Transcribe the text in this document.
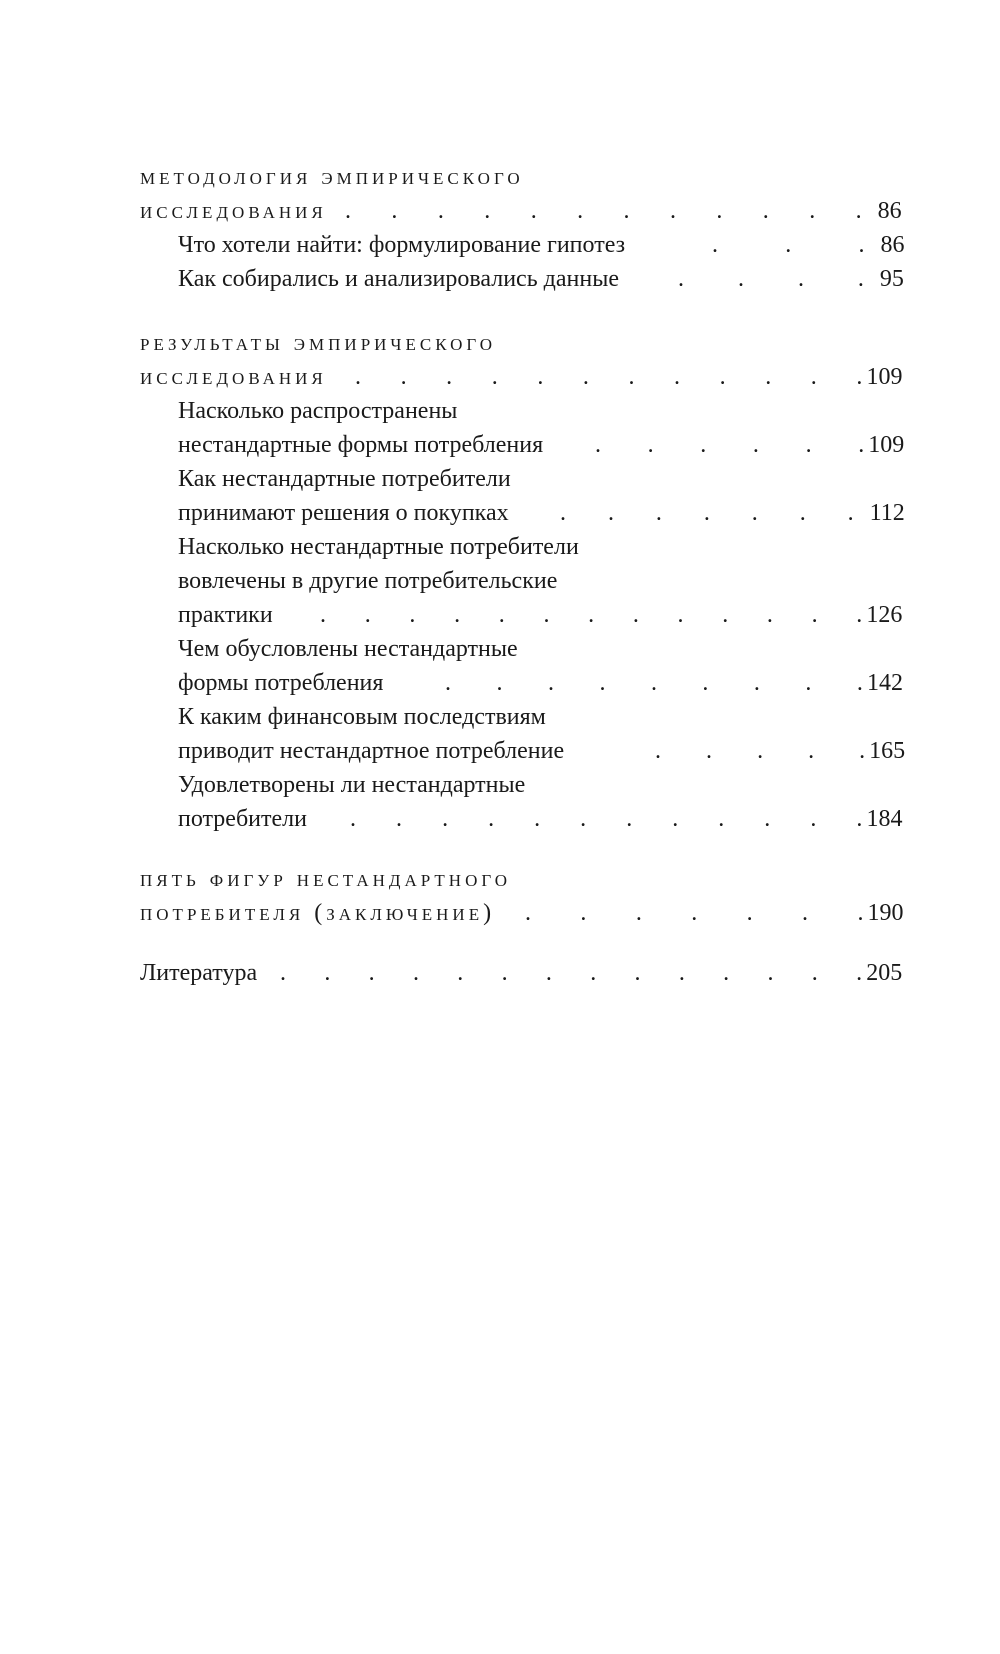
методология эмпирического
исследования . . . . . . . . . . . . 86
Что хотели найти: формулирование гипотез	.	.	. 86
Как собирались и анализировались данные . . . . 95
результаты эмпирического
исследования . . . . . . . . . . . . 109
Насколько распространены
нестандартные формы потребления . . . . . . 109
Как нестандартные потребители
принимают решения о покупках . . . . . . . 112
Насколько нестандартные потребители
вовлечены в другие потребительские
практики . . . . . . . . . . . . . 126
Чем обусловлены нестандартные
формы потребления	. . . . . . . . . 142
К каким финансовым последствиям
приводит нестандартное потребление	. . . . . 165
Удовлетворены ли нестандартные
потребители . . . . . . . . . . . . 184
пять фигур нестандартного
потребителя (заключение) . . . . . . . 190
Литература . . . . . . . . . . . . . . 205
